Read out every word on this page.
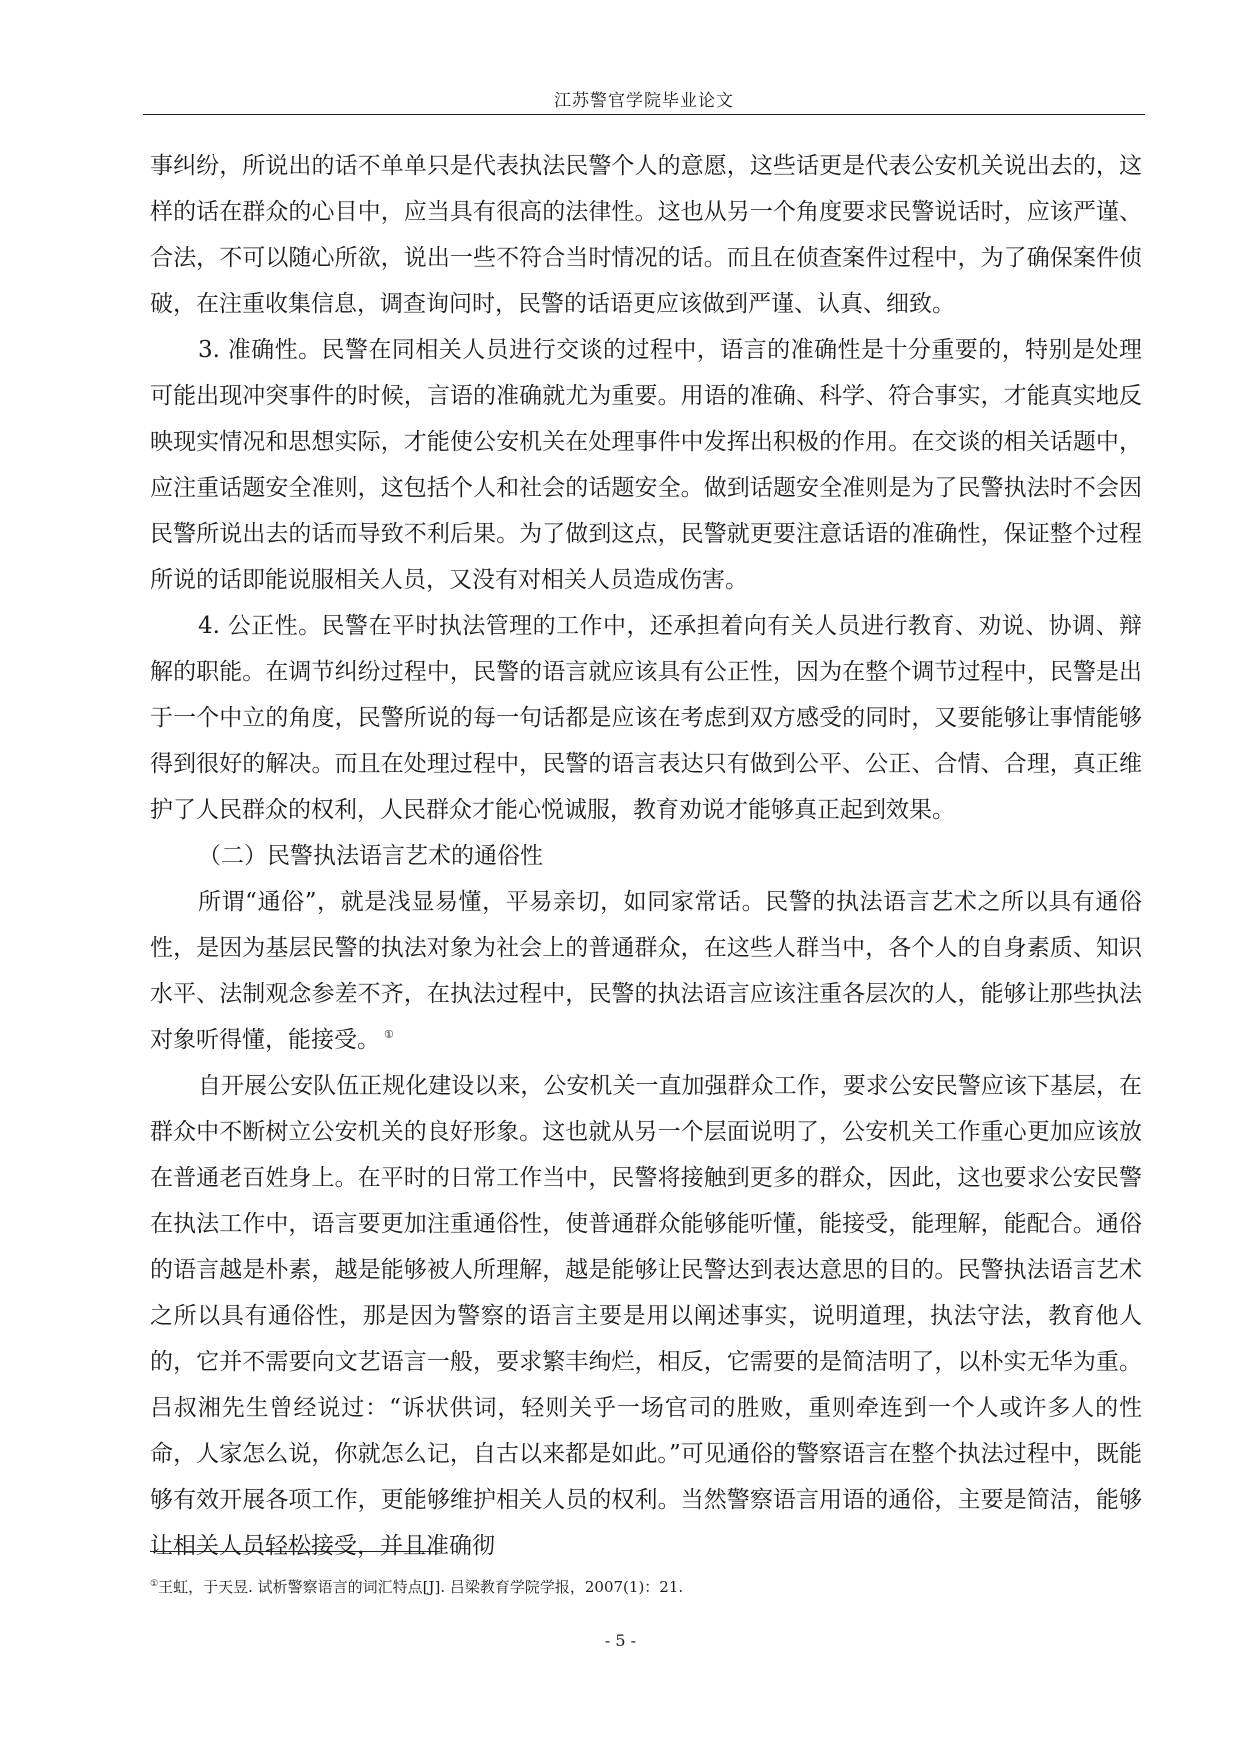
江苏警官学院毕业论文

事纠纷，所说出的话不单单只是代表执法民警个人的意愿，这些话更是代表公安机关说出去的，这样的话在群众的心目中，应当具有很高的法律性。这也从另一个角度要求民警说话时，应该严谨、合法，不可以随心所欲，说出一些不符合当时情况的话。而且在侦查案件过程中，为了确保案件侦破，在注重收集信息，调查询问时，民警的话语更应该做到严谨、认真、细致。

3. 准确性。民警在同相关人员进行交谈的过程中，语言的准确性是十分重要的，特别是处理可能出现冲突事件的时候，言语的准确就尤为重要。用语的准确、科学、符合事实，才能真实地反映现实情况和思想实际，才能使公安机关在处理事件中发挥出积极的作用。在交谈的相关话题中，应注重话题安全准则，这包括个人和社会的话题安全。做到话题安全准则是为了民警执法时不会因民警所说出去的话而导致不利后果。为了做到这点，民警就更要注意话语的准确性，保证整个过程所说的话即能说服相关人员，又没有对相关人员造成伤害。

4. 公正性。民警在平时执法管理的工作中，还承担着向有关人员进行教育、劝说、协调、辩解的职能。在调节纠纷过程中，民警的语言就应该具有公正性，因为在整个调节过程中，民警是出于一个中立的角度，民警所说的每一句话都是应该在考虑到双方感受的同时，又要能够让事情能够得到很好的解决。而且在处理过程中，民警的语言表达只有做到公平、公正、合情、合理，真正维护了人民群众的权利，人民群众才能心悦诚服，教育劝说才能够真正起到效果。

（二）民警执法语言艺术的通俗性

所谓“通俗”，就是浅显易懂，平易亲切，如同家常话。民警的执法语言艺术之所以具有通俗性，是因为基层民警的执法对象为社会上的普通群众，在这些人群当中，各个人的自身素质、知识水平、法制观念参差不齐，在执法过程中，民警的执法语言应该注重各层次的人，能够让那些执法对象听得懂，能接受。 ①

自开展公安队伍正规化建设以来，公安机关一直加强群众工作，要求公安民警应该下基层，在群众中不断树立公安机关的良好形象。这也就从另一个层面说明了，公安机关工作重心更加应该放在普通老百姓身上。在平时的日常工作当中，民警将接触到更多的群众，因此，这也要求公安民警在执法工作中，语言要更加注重通俗性，使普通群众能够能听懂，能接受，能理解，能配合。通俗的语言越是朴素，越是能够被人所理解，越是能够让民警达到表达意思的目的。民警执法语言艺术之所以具有通俗性，那是因为警察的语言主要是用以阐述事实，说明道理，执法守法，教育他人的，它并不需要向文艺语言一般，要求繁丰绚烂，相反，它需要的是简洁明了，以朴实无华为重。吕叔湘先生曾经说过：“诉状供词，轻则关乎一场官司的胜败，重则牵连到一个人或许多人的性命，人家怎么说，你就怎么记，自古以来都是如此。”可见通俗的警察语言在整个执法过程中，既能够有效开展各项工作，更能够维护相关人员的权利。当然警察语言用语的通俗，主要是简洁，能够让相关人员轻松接受，并且准确彻

①王虹，于天昱. 试析警察语言的词汇特点[J]. 吕梁教育学院学报，2007(1)：21.
- 5 -
